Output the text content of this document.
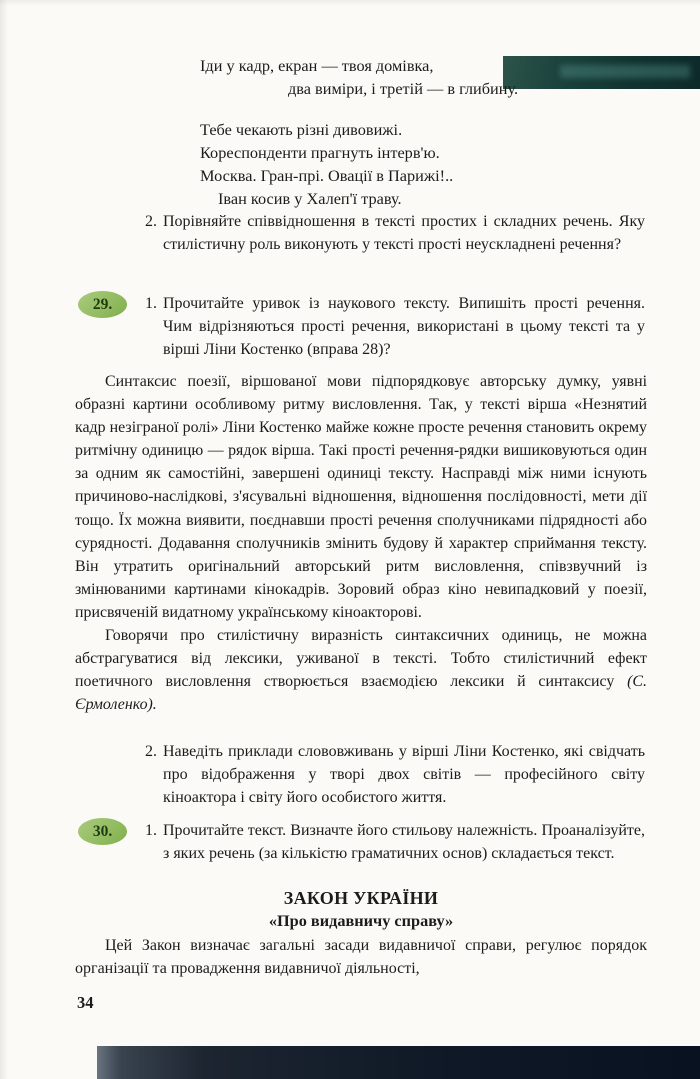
Іди у кадр, екран — твоя домівка,
два виміри, і третій — в глибину.
Тебе чекають різні дивовижі.
Кореспонденти прагнуть інтерв'ю.
Москва. Гран-прі. Овації в Парижі!..
Іван косив у Халеп'ї траву.
2. Порівняйте співвідношення в тексті простих і складних речень. Яку стилістичну роль виконують у тексті прості неускладнені речення?
29.	1. Прочитайте уривок із наукового тексту. Випишіть прості речення. Чим відрізняються прості речення, використані в цьому тексті та у вірші Ліни Костенко (вправа 28)?

Синтаксис поезії, віршованої мови підпорядковує авторську думку, уявні образні картини особливому ритму висловлення. Так, у тексті вірша «Незнятий кадр незіграної ролі» Ліни Костенко майже кожне просте речення становить окрему ритмічну одиницю — рядок вірша. Такі прості речення-рядки вишиковуються один за одним як самостійні, завершені одиниці тексту. Насправді між ними існують причиново-наслідкові, з'ясувальні відношення, відношення послідовності, мети дії тощо. Їх можна виявити, поєднавши прості речення сполучниками підрядності або сурядності. Додавання сполучників змінить будову й характер сприймання тексту. Він утратить оригінальний авторський ритм висловлення, співзвучний із змінюваними картинами кінокадрів. Зоровий образ кіно невипадковий у поезії, присвяченій видатному українському кіноакторові.

Говорячи про стилістичну виразність синтаксичних одиниць, не можна абстрагуватися від лексики, уживаної в тексті. Тобто стилістичний ефект поетичного висловлення створюється взаємодією лексики й синтаксису (С. Єрмоленко).

2. Наведіть приклади слововживань у вірші Ліни Костенко, які свідчать про відображення у творі двох світів — професійного світу кіноактора і світу його особистого життя.
30.	1. Прочитайте текст. Визначте його стильову належність. Проаналізуйте, з яких речень (за кількістю граматичних основ) складається текст.
ЗАКОН УКРАЇНИ
«Про видавничу справу»

Цей Закон визначає загальні засади видавничої справи, регулює порядок організації та провадження видавничої діяльності,

34
